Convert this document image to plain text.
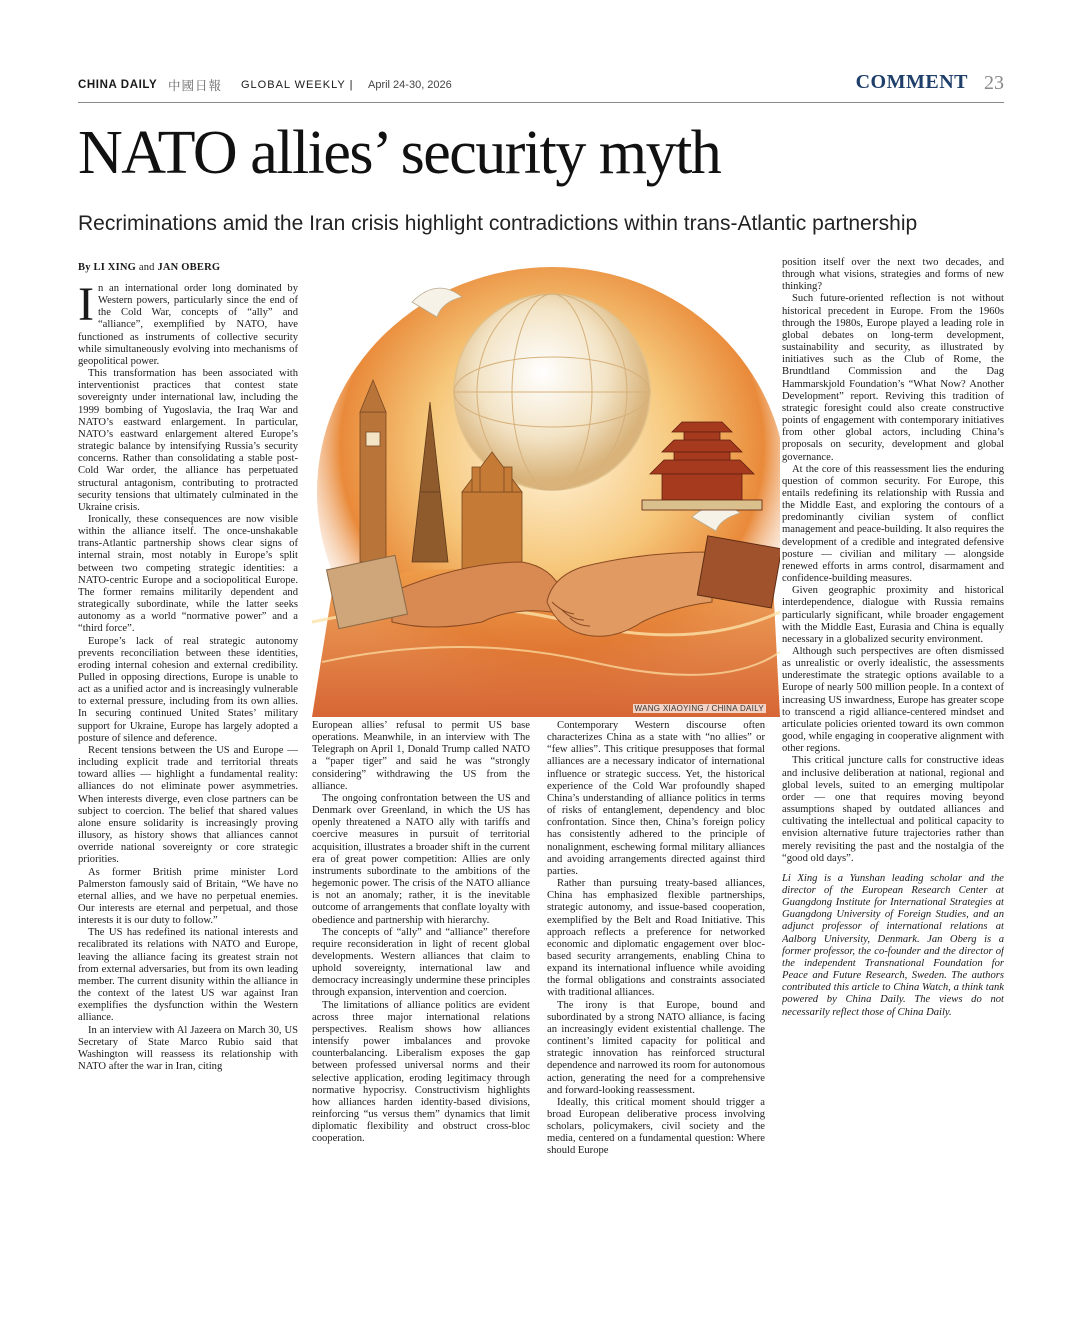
CHINA DAILY 中國日報 GLOBAL WEEKLY | April 24-30, 2026	COMMENT 23
NATO allies’ security myth
Recriminations amid the Iran crisis highlight contradictions within trans-Atlantic partnership
By LI XING and JAN OBERG

In an international order long dominated by Western powers, particularly since the end of the Cold War, concepts of “ally” and “alliance”, exemplified by NATO, have functioned as instruments of collective security while simultaneously evolving into mechanisms of geopolitical power.

This transformation has been associated with interventionist practices that contest state sovereignty under international law, including the 1999 bombing of Yugoslavia, the Iraq War and NATO’s eastward enlargement. In particular, NATO’s eastward enlargement altered Europe’s strategic balance by intensifying Russia’s security concerns. Rather than consolidating a stable post-Cold War order, the alliance has perpetuated structural antagonism, contributing to protracted security tensions that ultimately culminated in the Ukraine crisis.

Ironically, these consequences are now visible within the alliance itself. The once-unshakable trans-Atlantic partnership shows clear signs of internal strain, most notably in Europe’s split between two competing strategic identities: a NATO-centric Europe and a sociopolitical Europe. The former remains militarily dependent and strategically subordinate, while the latter seeks autonomy as a world “normative power” and a “third force”.

Europe’s lack of real strategic autonomy prevents reconciliation between these identities, eroding internal cohesion and external credibility. Pulled in opposing directions, Europe is unable to act as a unified actor and is increasingly vulnerable to external pressure, including from its own allies. In securing continued United States’ military support for Ukraine, Europe has largely adopted a posture of silence and deference.

Recent tensions between the US and Europe — including explicit trade and territorial threats toward allies — highlight a fundamental reality: alliances do not eliminate power asymmetries. When interests diverge, even close partners can be subject to coercion. The belief that shared values alone ensure solidarity is increasingly proving illusory, as history shows that alliances cannot override national sovereignty or core strategic priorities.

As former British prime minister Lord Palmerston famously said of Britain, “We have no eternal allies, and we have no perpetual enemies. Our interests are eternal and perpetual, and those interests it is our duty to follow.”

The US has redefined its national interests and recalibrated its relations with NATO and Europe, leaving the alliance facing its greatest strain not from external adversaries, but from its own leading member. The current disunity within the alliance in the context of the latest US war against Iran exemplifies the dysfunction within the Western alliance.

In an interview with Al Jazeera on March 30, US Secretary of State Marco Rubio said that Washington will reassess its relationship with NATO after the war in Iran, citing

WANG XIAOYING / CHINA DAILY

European allies’ refusal to permit US base operations. Meanwhile, in an interview with The Telegraph on April 1, Donald Trump called NATO a “paper tiger” and said he was “strongly considering” withdrawing the US from the alliance.

The ongoing confrontation between the US and Denmark over Greenland, in which the US has openly threatened a NATO ally with tariffs and coercive measures in pursuit of territorial acquisition, illustrates a broader shift in the current era of great power competition: Allies are only instruments subordinate to the ambitions of the hegemonic power. The crisis of the NATO alliance is not an anomaly; rather, it is the inevitable outcome of arrangements that conflate loyalty with obedience and partnership with hierarchy.

The concepts of “ally” and “alliance” therefore require reconsideration in light of recent global developments. Western alliances that claim to uphold sovereignty, international law and democracy increasingly undermine these principles through expansion, intervention and coercion.

The limitations of alliance politics are evident across three major international relations perspectives. Realism shows how alliances intensify power imbalances and provoke counterbalancing. Liberalism exposes the gap between professed universal norms and their selective application, eroding legitimacy through normative hypocrisy. Constructivism highlights how alliances harden identity-based divisions, reinforcing “us versus them” dynamics that limit diplomatic flexibility and obstruct cross-bloc cooperation.

Contemporary Western discourse often characterizes China as a state with “no allies” or “few allies”. This critique presupposes that formal alliances are a necessary indicator of international influence or strategic success. Yet, the historical experience of the Cold War profoundly shaped China’s understanding of alliance politics in terms of risks of entanglement, dependency and bloc confrontation. Since then, China’s foreign policy has consistently adhered to the principle of nonalignment, eschewing formal military alliances and avoiding arrangements directed against third parties.

Rather than pursuing treaty-based alliances, China has emphasized flexible partnerships, strategic autonomy, and issue-based cooperation, exemplified by the Belt and Road Initiative. This approach reflects a preference for networked economic and diplomatic engagement over bloc-based security arrangements, enabling China to expand its international influence while avoiding the formal obligations and constraints associated with traditional alliances.

The irony is that Europe, bound and subordinated by a strong NATO alliance, is facing an increasingly evident existential challenge. The continent’s limited capacity for political and strategic innovation has reinforced structural dependence and narrowed its room for autonomous action, generating the need for a comprehensive and forward-looking reassessment.

Ideally, this critical moment should trigger a broad European deliberative process involving scholars, policymakers, civil society and the media, centered on a fundamental question: Where should Europe

position itself over the next two decades, and through what visions, strategies and forms of new thinking?

Such future-oriented reflection is not without historical precedent in Europe. From the 1960s through the 1980s, Europe played a leading role in global debates on long-term development, sustainability and security, as illustrated by initiatives such as the Club of Rome, the Brundtland Commission and the Dag Hammarskjold Foundation’s “What Now? Another Development” report. Reviving this tradition of strategic foresight could also create constructive points of engagement with contemporary initiatives from other global actors, including China’s proposals on security, development and global governance.

At the core of this reassessment lies the enduring question of common security. For Europe, this entails redefining its relationship with Russia and the Middle East, and exploring the contours of a predominantly civilian system of conflict management and peace-building. It also requires the development of a credible and integrated defensive posture — civilian and military — alongside renewed efforts in arms control, disarmament and confidence-building measures.

Given geographic proximity and historical interdependence, dialogue with Russia remains particularly significant, while broader engagement with the Middle East, Eurasia and China is equally necessary in a globalized security environment.

Although such perspectives are often dismissed as unrealistic or overly idealistic, the assessments underestimate the strategic options available to a Europe of nearly 500 million people. In a context of increasing US inwardness, Europe has greater scope to transcend a rigid alliance-centered mindset and articulate policies oriented toward its own common good, while engaging in cooperative alignment with other regions.

This critical juncture calls for constructive ideas and inclusive deliberation at national, regional and global levels, suited to an emerging multipolar order — one that requires moving beyond assumptions shaped by outdated alliances and cultivating the intellectual and political capacity to envision alternative future trajectories rather than merely revisiting the past and the nostalgia of the “good old days”.

Li Xing is a Yunshan leading scholar and the director of the European Research Center at Guangdong Institute for International Strategies at Guangdong University of Foreign Studies, and an adjunct professor of international relations at Aalborg University, Denmark. Jan Oberg is a former professor, the co-founder and the director of the independent Transnational Foundation for Peace and Future Research, Sweden. The authors contributed this article to China Watch, a think tank powered by China Daily. The views do not necessarily reflect those of China Daily.
